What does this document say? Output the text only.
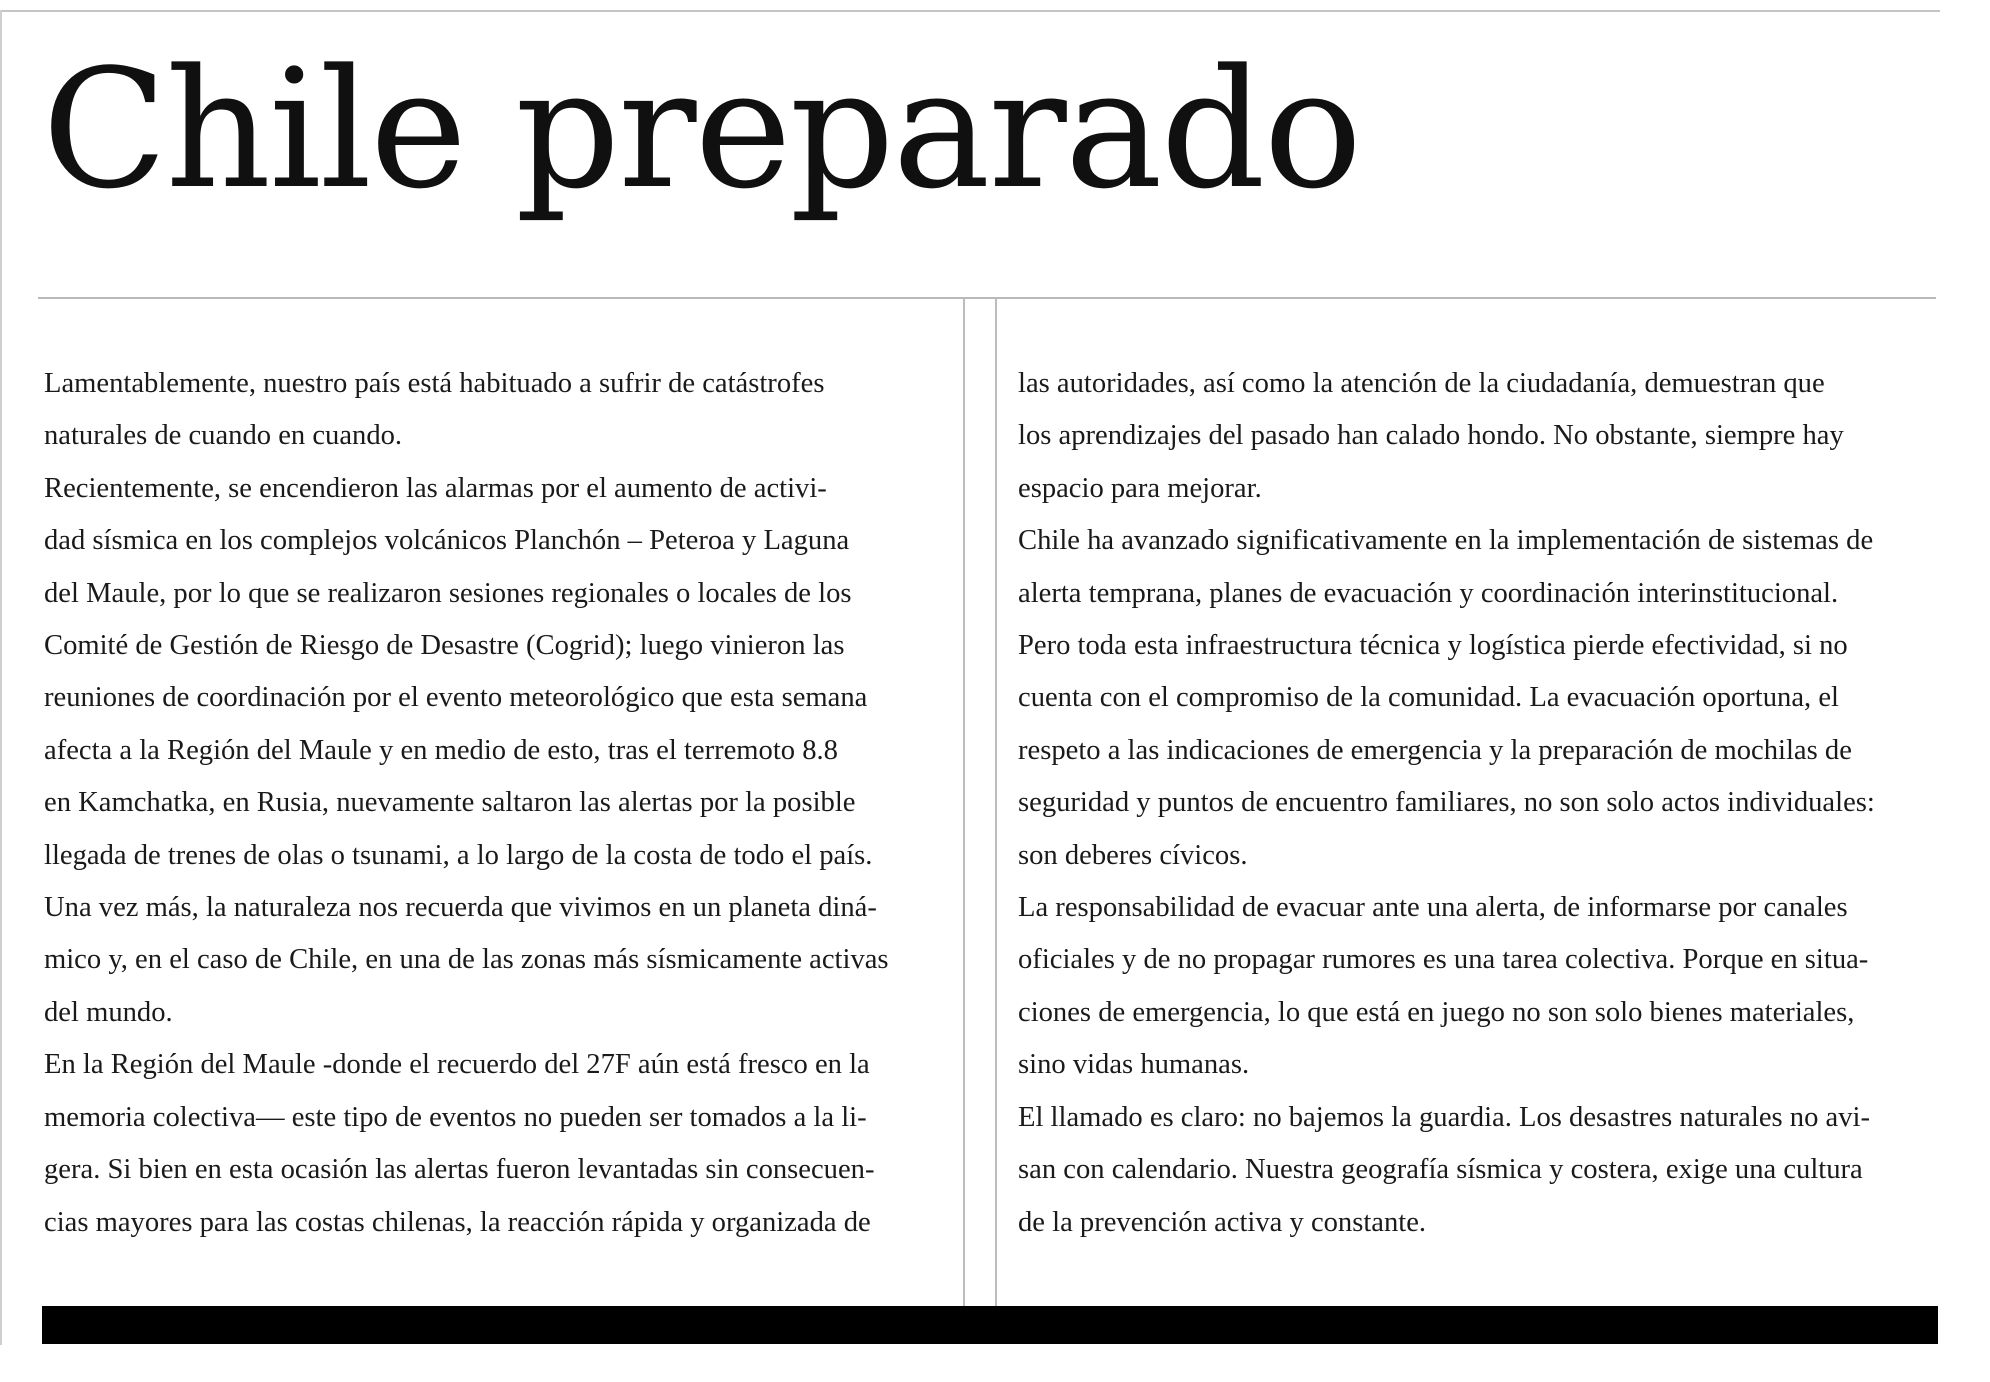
Chile preparado

Lamentablemente, nuestro país está habituado a sufrir de catástrofes

naturales de cuando en cuando.

Recientemente, se encendieron las alarmas por el aumento de activi-

dad sísmica en los complejos volcánicos Planchón – Peteroa y Laguna

del Maule, por lo que se realizaron sesiones regionales o locales de los

Comité de Gestión de Riesgo de Desastre (Cogrid); luego vinieron las

reuniones de coordinación por el evento meteorológico que esta semana

afecta a la Región del Maule y en medio de esto, tras el terremoto 8.8

en Kamchatka, en Rusia, nuevamente saltaron las alertas por la posible

llegada de trenes de olas o tsunami, a lo largo de la costa de todo el país.

Una vez más, la naturaleza nos recuerda que vivimos en un planeta diná-

mico y, en el caso de Chile, en una de las zonas más sísmicamente activas

del mundo.

En la Región del Maule -donde el recuerdo del 27F aún está fresco en la

memoria colectiva— este tipo de eventos no pueden ser tomados a la li-

gera. Si bien en esta ocasión las alertas fueron levantadas sin consecuen-

cias mayores para las costas chilenas, la reacción rápida y organizada de

las autoridades, así como la atención de la ciudadanía, demuestran que

los aprendizajes del pasado han calado hondo. No obstante, siempre hay

espacio para mejorar.

Chile ha avanzado significativamente en la implementación de sistemas de

alerta temprana, planes de evacuación y coordinación interinstitucional.

Pero toda esta infraestructura técnica y logística pierde efectividad, si no

cuenta con el compromiso de la comunidad. La evacuación oportuna, el

respeto a las indicaciones de emergencia y la preparación de mochilas de

seguridad y puntos de encuentro familiares, no son solo actos individuales:

son deberes cívicos.

La responsabilidad de evacuar ante una alerta, de informarse por canales

oficiales y de no propagar rumores es una tarea colectiva. Porque en situa-

ciones de emergencia, lo que está en juego no son solo bienes materiales,

sino vidas humanas.

El llamado es claro: no bajemos la guardia. Los desastres naturales no avi-

san con calendario. Nuestra geografía sísmica y costera, exige una cultura

de la prevención activa y constante.
